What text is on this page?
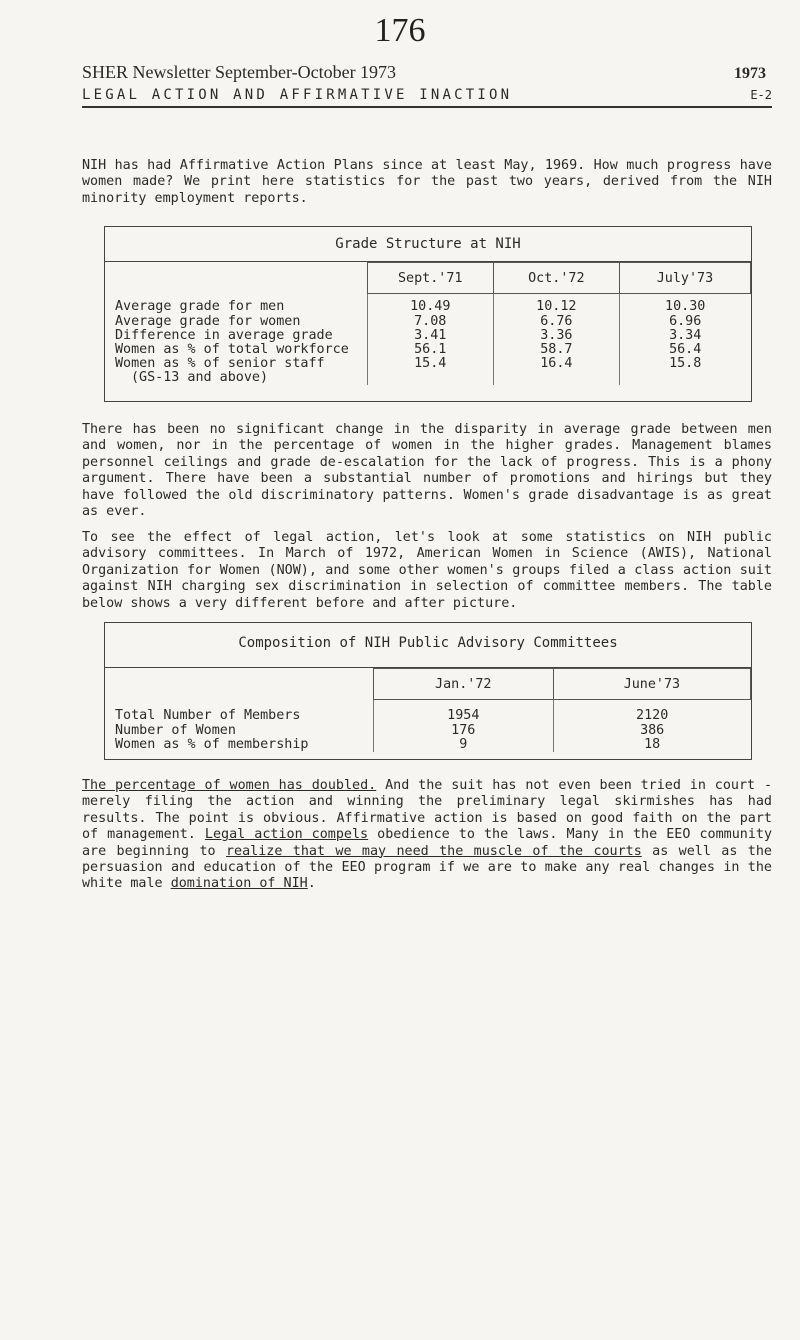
176
SHER Newsletter September-October 1973	1973
LEGAL ACTION AND AFFIRMATIVE INACTION	E-2

NIH has had Affirmative Action Plans since at least May, 1969. How much progress have women made? We print here statistics for the past two years, derived from the NIH minority employment reports.

Grade Structure at NIH
	Sept.'71	Oct.'72	July'73
Average grade for men	10.49	10.12	10.30
Average grade for women	7.08	6.76	6.96
Difference in average grade	3.41	3.36	3.34
Women as % of total workforce	56.1	58.7	56.4
Women as % of senior staff	15.4	16.4	15.8
(GS-13 and above)			

There has been no significant change in the disparity in average grade between men and women, nor in the percentage of women in the higher grades. Management blames personnel ceilings and grade de-escalation for the lack of progress. This is a phony argument. There have been a substantial number of promotions and hirings but they have followed the old discriminatory patterns. Women's grade disadvantage is as great as ever.

To see the effect of legal action, let's look at some statistics on NIH public advisory committees. In March of 1972, American Women in Science (AWIS), National Organization for Women (NOW), and some other women's groups filed a class action suit against NIH charging sex discrimination in selection of committee members. The table below shows a very different before and after picture.

Composition of NIH Public Advisory Committees
	Jan.'72	June'73
Total Number of Members	1954	2120
Number of Women	176	386
Women as % of membership	9	18

The percentage of women has doubled. And the suit has not even been tried in court - merely filing the action and winning the preliminary legal skirmishes has had results. The point is obvious. Affirmative action is based on good faith on the part of management. Legal action compels obedience to the laws. Many in the EEO community are beginning to realize that we may need the muscle of the courts as well as the persuasion and education of the EEO program if we are to make any real changes in the white male domination of NIH.
